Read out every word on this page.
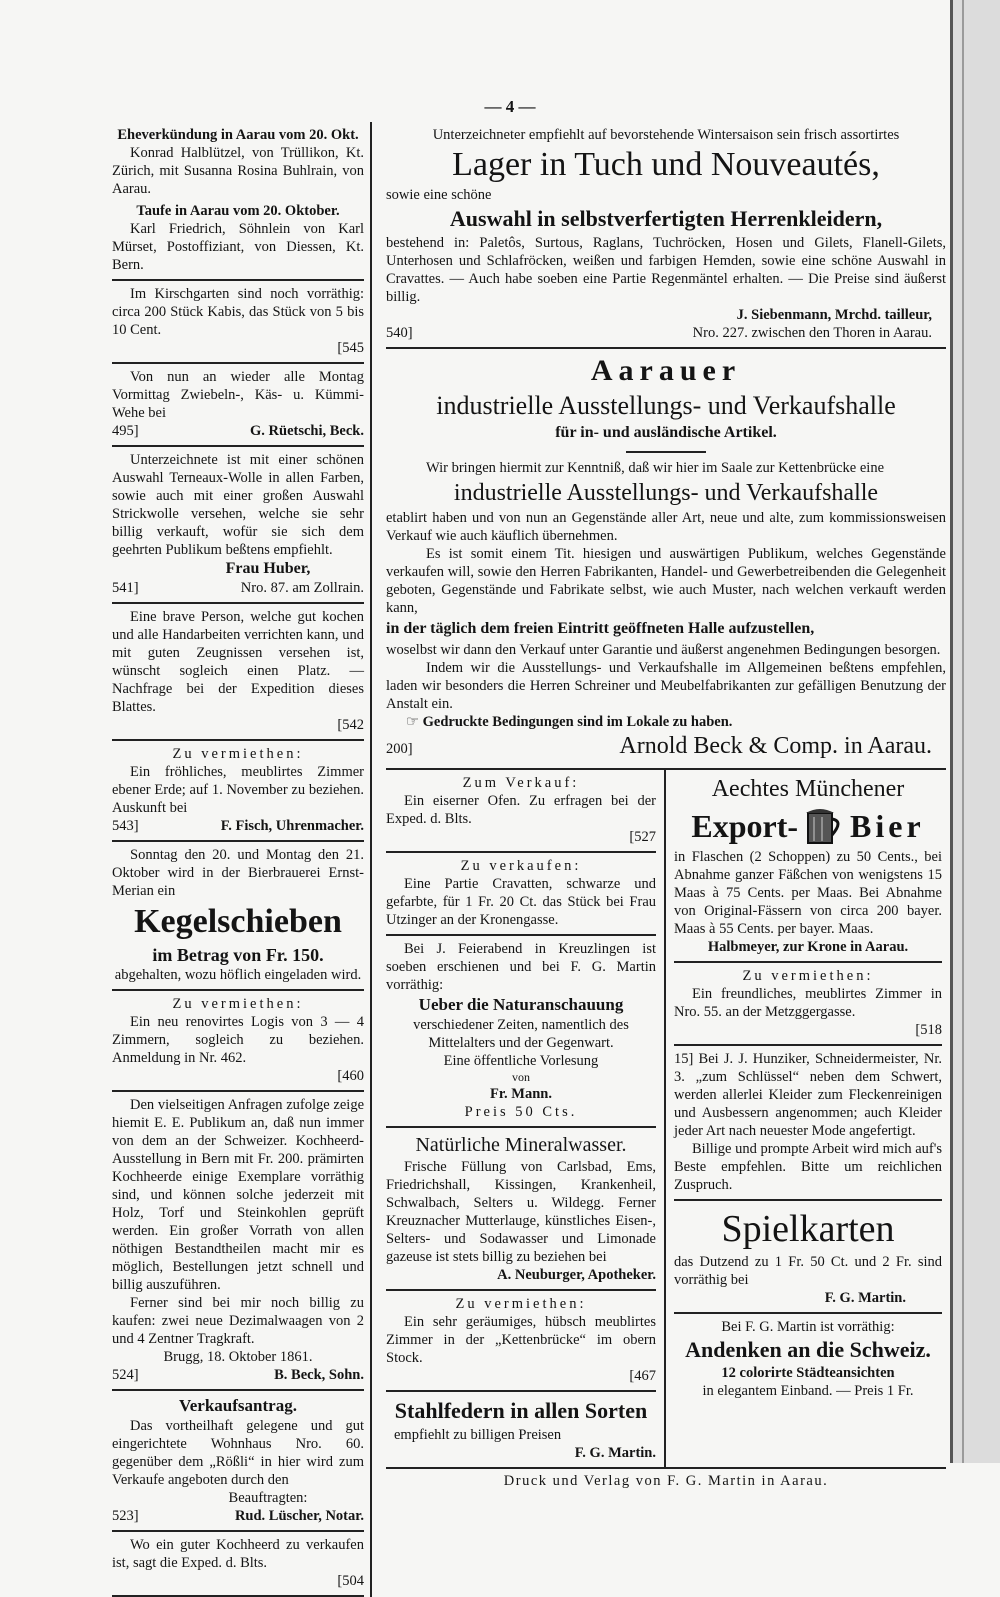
— 4 —
Eheverkündung in Aarau vom 20. Okt.
Konrad Halblützel, von Trüllikon, Kt. Zürich, mit Susanna Rosina Buhlrain, von Aarau.
Taufe in Aarau vom 20. Oktober.
Karl Friedrich, Söhnlein von Karl Mürset, Postoffiziant, von Diessen, Kt. Bern.
Im Kirschgarten sind noch vorräthig: circa 200 Stück Kabis, das Stück von 5 bis 10 Cent.
[545
Von nun an wieder alle Montag Vormittag Zwiebeln-, Käs- u. Kümmi-Wehe bei
495]	G. Rüetschi, Beck.
Unterzeichnete ist mit einer schönen Auswahl Terneaux-Wolle in allen Farben, sowie auch mit einer großen Auswahl Strickwolle versehen, welche sie sehr billig verkauft, wofür sie sich dem geehrten Publikum beßtens empfiehlt.
Frau Huber,
541]	Nro. 87. am Zollrain.
Eine brave Person, welche gut kochen und alle Handarbeiten verrichten kann, und mit guten Zeugnissen versehen ist, wünscht sogleich einen Platz. — Nachfrage bei der Expedition dieses Blattes.
[542
Zu vermiethen:
Ein fröhliches, meublirtes Zimmer ebener Erde; auf 1. November zu beziehen. Auskunft bei
543]	F. Fisch, Uhrenmacher.
Sonntag den 20. und Montag den 21. Oktober wird in der Bierbrauerei Ernst-Merian ein
Kegelschieben
im Betrag von Fr. 150.
abgehalten, wozu höflich eingeladen wird.
Zu vermiethen:
Ein neu renovirtes Logis von 3 — 4 Zimmern, sogleich zu beziehen. Anmeldung in Nr. 462.
[460
Den vielseitigen Anfragen zufolge zeige hiemit E. E. Publikum an, daß nun immer von dem an der Schweizer. Kochheerd-Ausstellung in Bern mit Fr. 200. prämirten Kochheerde einige Exemplare vorräthig sind, und können solche jederzeit mit Holz, Torf und Steinkohlen geprüft werden. Ein großer Vorrath von allen nöthigen Bestandtheilen macht mir es möglich, Bestellungen jetzt schnell und billig auszuführen.
Ferner sind bei mir noch billig zu kaufen: zwei neue Dezimalwaagen von 2 und 4 Zentner Tragkraft.
Brugg, 18. Oktober 1861.
524]	B. Beck, Sohn.
Verkaufsantrag.
Das vortheilhaft gelegene und gut eingerichtete Wohnhaus Nro. 60. gegenüber dem „Rößli“ in hier wird zum Verkaufe angeboten durch den
Beauftragten:
523]	Rud. Lüscher, Notar.
Wo ein guter Kochheerd zu verkaufen ist, sagt die Exped. d. Blts.
[504
Unterzeichneter empfiehlt auf bevorstehende Wintersaison sein frisch assortirtes
Lager in Tuch und Nouveautés,
sowie eine schöne
Auswahl in selbstverfertigten Herrenkleidern,
bestehend in: Paletôs, Surtous, Raglans, Tuchröcken, Hosen und Gilets, Flanell-Gilets, Unterhosen und Schlafröcken, weißen und farbigen Hemden, sowie eine schöne Auswahl in Cravattes. — Auch habe soeben eine Partie Regenmäntel erhalten. — Die Preise sind äußerst billig.
J. Siebenmann, Mrchd. tailleur,
540]	Nro. 227. zwischen den Thoren in Aarau.
Aarauer
industrielle Ausstellungs- und Verkaufshalle
für in- und ausländische Artikel.
Wir bringen hiermit zur Kenntniß, daß wir hier im Saale zur Kettenbrücke eine
industrielle Ausstellungs- und Verkaufshalle
etablirt haben und von nun an Gegenstände aller Art, neue und alte, zum kommissionsweisen Verkauf wie auch käuflich übernehmen.
Es ist somit einem Tit. hiesigen und auswärtigen Publikum, welches Gegenstände verkaufen will, sowie den Herren Fabrikanten, Handel- und Gewerbetreibenden die Gelegenheit geboten, Gegenstände und Fabrikate selbst, wie auch Muster, nach welchen verkauft werden kann,
in der täglich dem freien Eintritt geöffneten Halle aufzustellen,
woselbst wir dann den Verkauf unter Garantie und äußerst angenehmen Bedingungen besorgen.
Indem wir die Ausstellungs- und Verkaufshalle im Allgemeinen beßtens empfehlen, laden wir besonders die Herren Schreiner und Meubelfabrikanten zur gefälligen Benutzung der Anstalt ein.
☞ Gedruckte Bedingungen sind im Lokale zu haben.
200]	Arnold Beck & Comp. in Aarau.
Zum Verkauf:
Ein eiserner Ofen. Zu erfragen bei der Exped. d. Blts.
[527
Zu verkaufen:
Eine Partie Cravatten, schwarze und gefarbte, für 1 Fr. 20 Ct. das Stück bei Frau Utzinger an der Kronengasse.
Bei J. Feierabend in Kreuzlingen ist soeben erschienen und bei F. G. Martin vorräthig:
Ueber die Naturanschauung
verschiedener Zeiten, namentlich des Mittelalters und der Gegenwart.
Eine öffentliche Vorlesung
von
Fr. Mann.
Preis 50 Cts.
Natürliche Mineralwasser.
Frische Füllung von Carlsbad, Ems, Friedrichshall, Kissingen, Krankenheil, Schwalbach, Selters u. Wildegg. Ferner Kreuznacher Mutterlauge, künstliches Eisen-, Selters- und Sodawasser und Limonade gazeuse ist stets billig zu beziehen bei
A. Neuburger, Apotheker.
Zu vermiethen:
Ein sehr geräumiges, hübsch meublirtes Zimmer in der „Kettenbrücke“ im obern Stock.
[467
Stahlfedern in allen Sorten
empfiehlt zu billigen Preisen
F. G. Martin.
Aechtes Münchener
Export- Bier
in Flaschen (2 Schoppen) zu 50 Cents., bei Abnahme ganzer Fäßchen von wenigstens 15 Maas à 75 Cents. per Maas. Bei Abnahme von Original-Fässern von circa 200 bayer. Maas à 55 Cents. per bayer. Maas.
Halbmeyer, zur Krone in Aarau.
Zu vermiethen:
Ein freundliches, meublirtes Zimmer in Nro. 55. an der Metzggergasse.
[518
15] Bei J. J. Hunziker, Schneidermeister, Nr. 3. „zum Schlüssel“ neben dem Schwert, werden allerlei Kleider zum Fleckenreinigen und Ausbessern angenommen; auch Kleider jeder Art nach neuester Mode angefertigt.
Billige und prompte Arbeit wird mich auf's Beste empfehlen. Bitte um reichlichen Zuspruch.
Spielkarten
das Dutzend zu 1 Fr. 50 Ct. und 2 Fr. sind vorräthig bei
F. G. Martin.
Bei F. G. Martin ist vorräthig:
Andenken an die Schweiz.
12 colorirte Städteansichten
in elegantem Einband. — Preis 1 Fr.
Druck und Verlag von F. G. Martin in Aarau.
